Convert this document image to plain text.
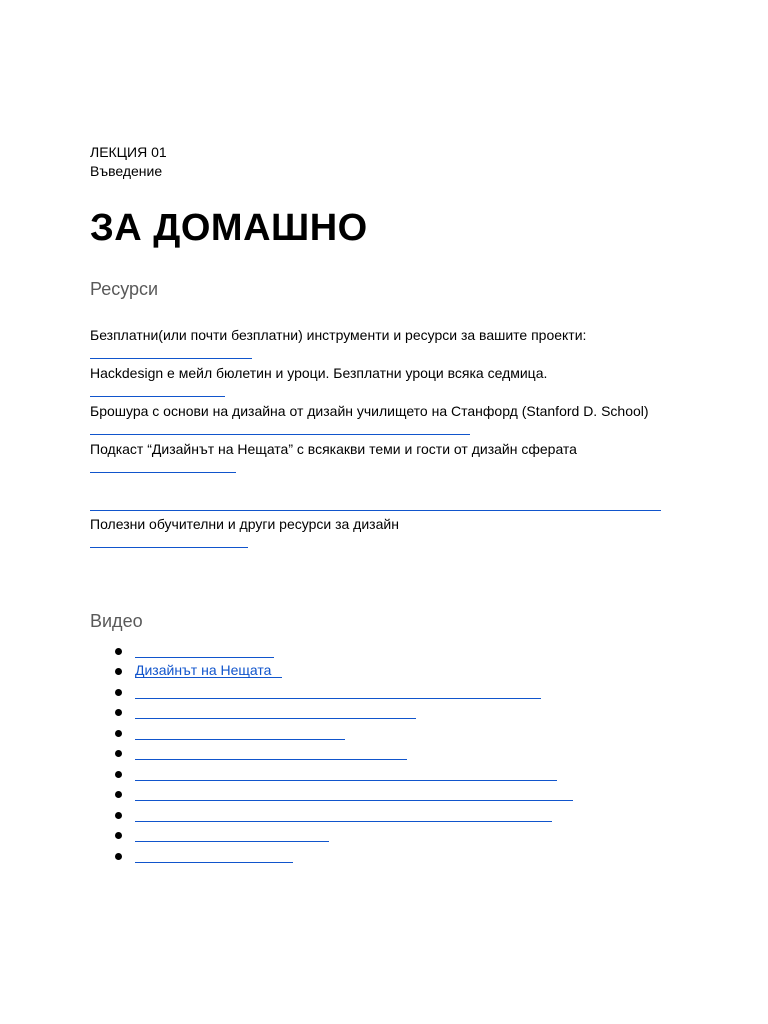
ЛЕКЦИЯ 01
Въведение
ЗА ДОМАШНО
Ресурси
Безплатни(или почти безплатни) инструменти и ресурси за вашите проекти:
Hackdesign е мейл бюлетин и уроци. Безплатни уроци всяка седмица.
Брошура с основи на дизайна от дизайн училището на Станфорд (Stanford D. School)
Подкаст “Дизайнът на Нещата” с всякакви теми и гости от дизайн сферата
Полезни обучителни и други ресурси за дизайн
Видео
Дизайнът на Нещата
_
